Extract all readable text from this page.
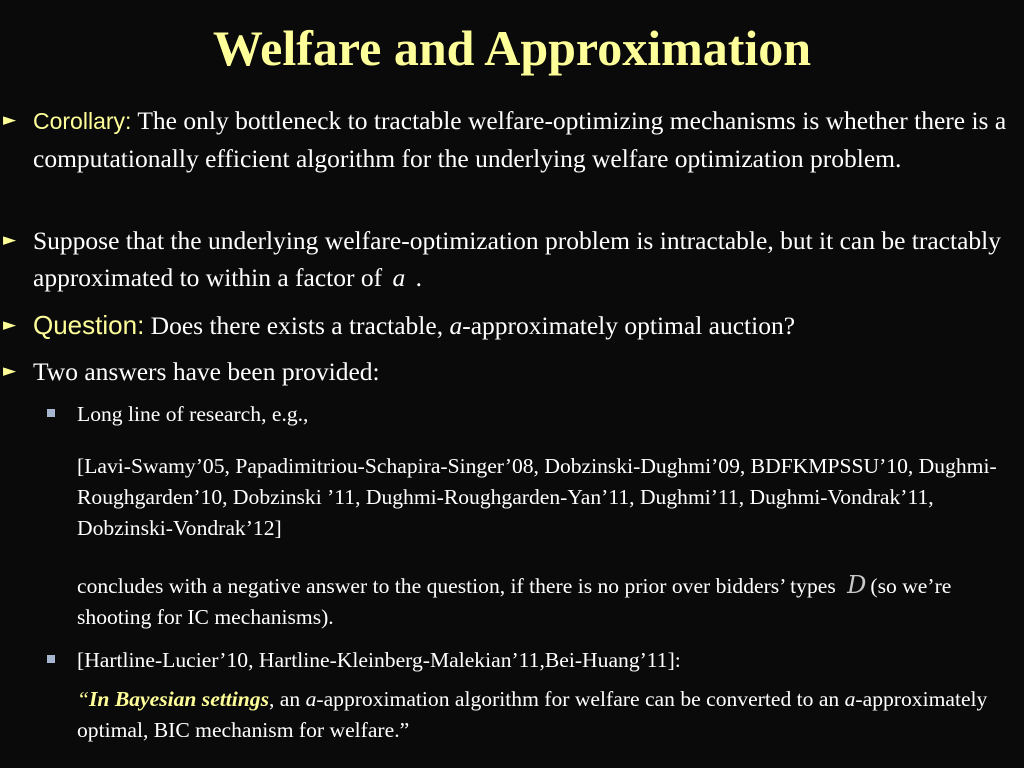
Welfare and Approximation
► Corollary: The only bottleneck to tractable welfare-optimizing mechanisms is whether there is a computationally efficient algorithm for the underlying welfare optimization problem.
► Suppose that the underlying welfare-optimization problem is intractable, but it can be tractably approximated to within a factor of a .
► Question: Does there exists a tractable, a-approximately optimal auction?
► Two answers have been provided:
Long line of research, e.g.,
[Lavi-Swamy’05, Papadimitriou-Schapira-Singer’08, Dobzinski-Dughmi’09, BDFKMPSSU’10, Dughmi-Roughgarden’10, Dobzinski ’11, Dughmi-Roughgarden-Yan’11, Dughmi’11, Dughmi-Vondrak’11, Dobzinski-Vondrak’12]
concludes with a negative answer to the question, if there is no prior over bidders’ types D (so we’re shooting for IC mechanisms).
[Hartline-Lucier’10, Hartline-Kleinberg-Malekian’11,Bei-Huang’11]:
“In Bayesian settings, an a-approximation algorithm for welfare can be converted to an a-approximately optimal, BIC mechanism for welfare.”
